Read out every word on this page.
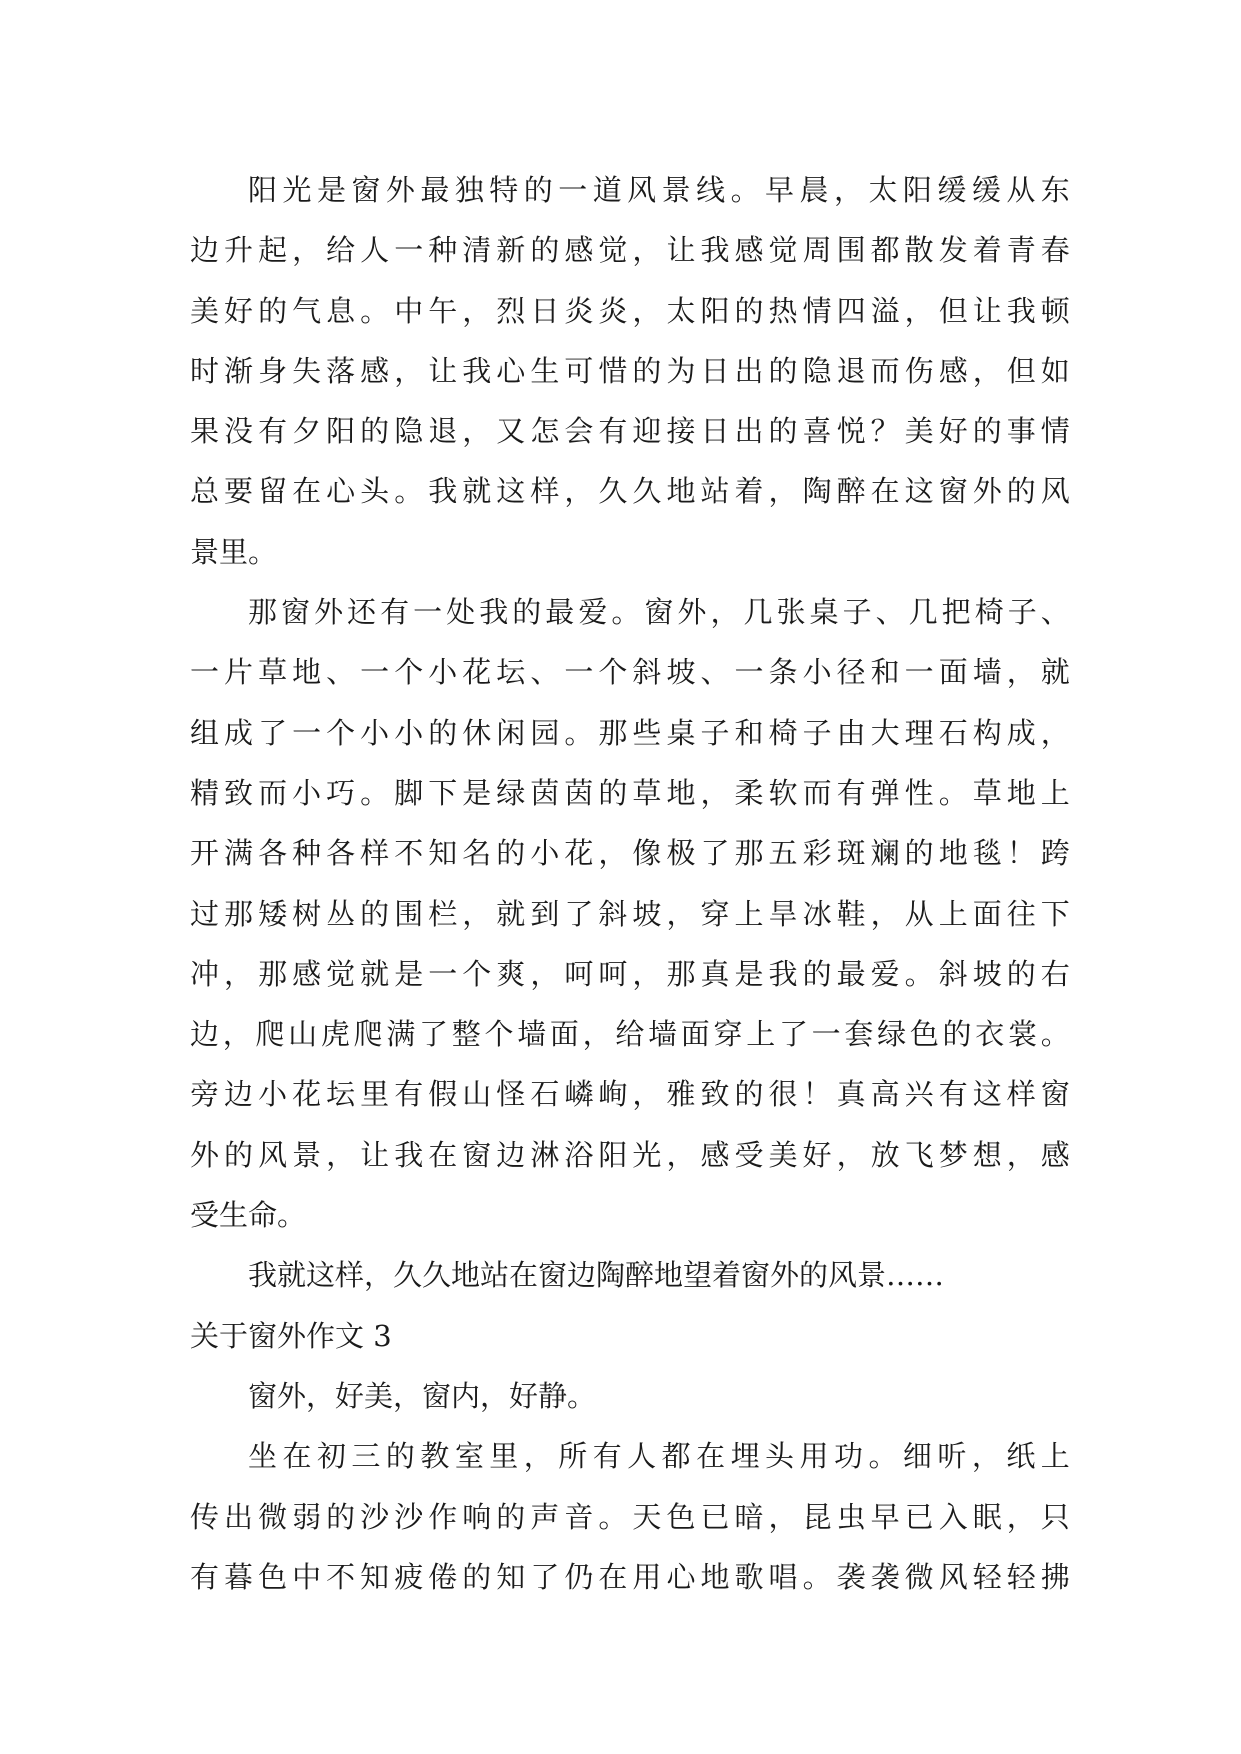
阳 光 是 窗 外 最 独 特 的 一 道 风 景 线 。 早 晨 ， 太 阳 缓 缓 从 东
边 升 起 ， 给 人 一 种 清 新 的 感 觉 ， 让 我 感 觉 周 围 都 散 发 着 青 春
美 好 的 气 息 。 中 午 ， 烈 日 炎 炎 ， 太 阳 的 热 情 四 溢 ， 但 让 我 顿
时 渐 身 失 落 感 ， 让 我 心 生 可 惜 的 为 日 出 的 隐 退 而 伤 感 ， 但 如
果 没 有 夕 阳 的 隐 退 ， 又 怎 会 有 迎 接 日 出 的 喜 悦 ？ 美 好 的 事 情
总 要 留 在 心 头 。 我 就 这 样 ， 久 久 地 站 着 ， 陶 醉 在 这 窗 外 的 风
景里。
那 窗 外 还 有 一 处 我 的 最 爱 。 窗 外 ， 几 张 桌 子 、 几 把 椅 子 、
一 片 草 地 、 一 个 小 花 坛 、 一 个 斜 坡 、 一 条 小 径 和 一 面 墙 ， 就
组 成 了 一 个 小 小 的 休 闲 园 。 那 些 桌 子 和 椅 子 由 大 理 石 构 成 ，
精 致 而 小 巧 。 脚 下 是 绿 茵 茵 的 草 地 ， 柔 软 而 有 弹 性 。 草 地 上
开 满 各 种 各 样 不 知 名 的 小 花 ， 像 极 了 那 五 彩 斑 斓 的 地 毯 ！ 跨
过 那 矮 树 丛 的 围 栏 ， 就 到 了 斜 坡 ， 穿 上 旱 冰 鞋 ， 从 上 面 往 下
冲 ， 那 感 觉 就 是 一 个 爽 ， 呵 呵 ， 那 真 是 我 的 最 爱 。 斜 坡 的 右
边 ， 爬 山 虎 爬 满 了 整 个 墙 面 ， 给 墙 面 穿 上 了 一 套 绿 色 的 衣 裳 。
旁 边 小 花 坛 里 有 假 山 怪 石 嶙 峋 ， 雅 致 的 很 ！ 真 高 兴 有 这 样 窗
外 的 风 景 ， 让 我 在 窗 边 淋 浴 阳 光 ， 感 受 美 好 ， 放 飞 梦 想 ， 感
受生命。
我就这样，久久地站在窗边陶醉地望着窗外的风景……
关于窗外作文 3
窗外，好美，窗内，好静。
坐 在 初 三 的 教 室 里 ， 所 有 人 都 在 埋 头 用 功 。 细 听 ， 纸 上
传 出 微 弱 的 沙 沙 作 响 的 声 音 。 天 色 已 暗 ， 昆 虫 早 已 入 眠 ， 只
有 暮 色 中 不 知 疲 倦 的 知 了 仍 在 用 心 地 歌 唱 。 袭 袭 微 风 轻 轻 拂
